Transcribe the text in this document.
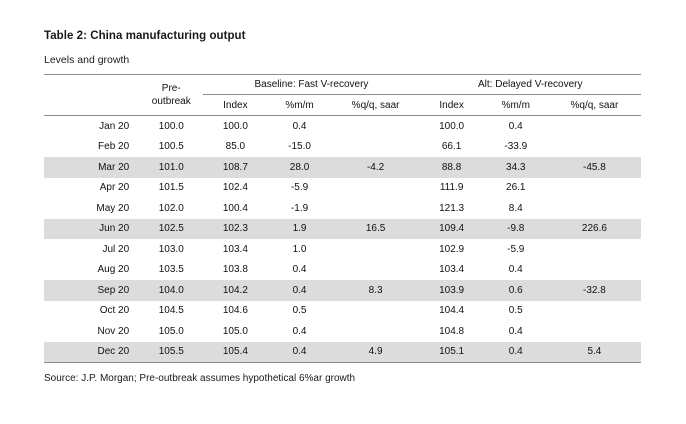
Table 2: China manufacturing output
Levels and growth

	Pre-
outbreak	Baseline: Fast V-recovery			Alt: Delayed V-recovery		
		Index	%m/m	%q/q, saar	Index	%m/m	%q/q, saar

Jan 20	100.0	100.0	0.4		100.0	0.4	
Feb 20	100.5	85.0	-15.0		66.1	-33.9	
Mar 20	101.0	108.7	28.0	-4.2	88.8	34.3	-45.8
Apr 20	101.5	102.4	-5.9		111.9	26.1	
May 20	102.0	100.4	-1.9		121.3	8.4	
Jun 20	102.5	102.3	1.9	16.5	109.4	-9.8	226.6
Jul 20	103.0	103.4	1.0		102.9	-5.9	
Aug 20	103.5	103.8	0.4		103.4	0.4	
Sep 20	104.0	104.2	0.4	8.3	103.9	0.6	-32.8
Oct 20	104.5	104.6	0.5		104.4	0.5	
Nov 20	105.0	105.0	0.4		104.8	0.4	
Dec 20	105.5	105.4	0.4	4.9	105.1	0.4	5.4

Source: J.P. Morgan; Pre-outbreak assumes hypothetical 6%ar growth
